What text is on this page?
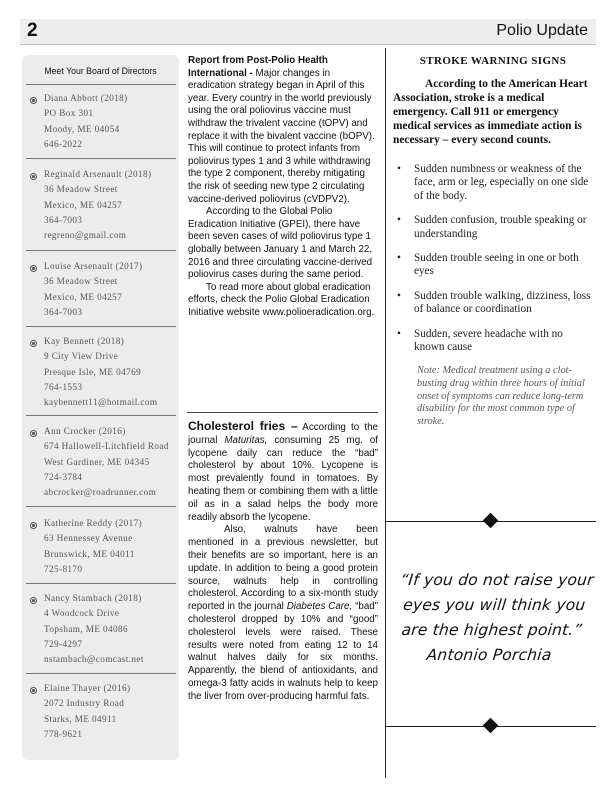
2	Polio Update
Meet Your Board of Directors
Diana Abbott (2018)
PO Box 301
Moody, ME 04054
646-2022
Reginald Arsenault (2018)
36 Meadow Street
Mexico, ME 04257
364-7003
regreno@gmail.com
Louise Arsenault (2017)
36 Meadow Street
Mexico, ME 04257
364-7003
Kay Bennett (2018)
9 City View Drive
Presque Isle, ME 04769
764-1553
kaybennett11@hotmail.com
Ann Crocker (2016)
674 Hallowell-Litchfield Road
West Gardiner, ME 04345
724-3784
abcrocker@roadrunner.com
Katherine Reddy (2017)
63 Hennessey Avenue
Brunswick, ME 04011
725-8170
Nancy Stambach (2018)
4 Woodcock Drive
Topsham, ME 04086
729-4297
nstambach@comcast.net
Elaine Thayer (2016)
2072 Industry Road
Starks, ME 04911
778-9621

Report from Post-Polio Health International - Major changes in eradication strategy began in April of this year. Every country in the world previously using the oral poliovirus vaccine must withdraw the trivalent vaccine (tOPV) and replace it with the bivalent vaccine (bOPV). This will continue to protect infants from poliovirus types 1 and 3 while withdrawing the type 2 component, thereby mitigating the risk of seeding new type 2 circulating vaccine-derived poliovirus (cVDPV2).

According to the Global Polio Eradication Initiative (GPEI), there have been seven cases of wild poliovirus type 1 globally between January 1 and March 22, 2016 and three circulating vaccine-derived poliovirus cases during the same period.

To read more about global eradication efforts, check the Polio Global Eradication Initiative website www.polioeradication.org.

Cholesterol fries – According to the journal Maturitas, consuming 25 mg. of lycopene daily can reduce the “bad” cholesterol by about 10%. Lycopene is most prevalently found in tomatoes. By heating them or combining them with a little oil as in a salad helps the body more readily absorb the lycopene.

Also, walnuts have been mentioned in a previous newsletter, but their benefits are so important, here is an update. In addition to being a good protein source, walnuts help in controlling cholesterol. According to a six-month study reported in the journal Diabetes Care, “bad” cholesterol dropped by 10% and “good” cholesterol levels were raised. These results were noted from eating 12 to 14 walnut halves daily for six months. Apparently, the blend of antioxidants, and omega-3 fatty acids in walnuts help to keep the liver from over-producing harmful fats.

STROKE WARNING SIGNS
According to the American Heart Association, stroke is a medical emergency. Call 911 or emergency medical services as immediate action is necessary – every second counts.
• Sudden numbness or weakness of the face, arm or leg, especially on one side of the body.
• Sudden confusion, trouble speaking or understanding
• Sudden trouble seeing in one or both eyes
• Sudden trouble walking, dizziness, loss of balance or coordination
• Sudden, severe headache with no known cause
Note: Medical treatment using a clot-busting drug within three hours of initial onset of symptoms can reduce long-term disability for the most common type of stroke.
“If you do not raise your eyes you will think you are the highest point.”
Antonio Porchia
